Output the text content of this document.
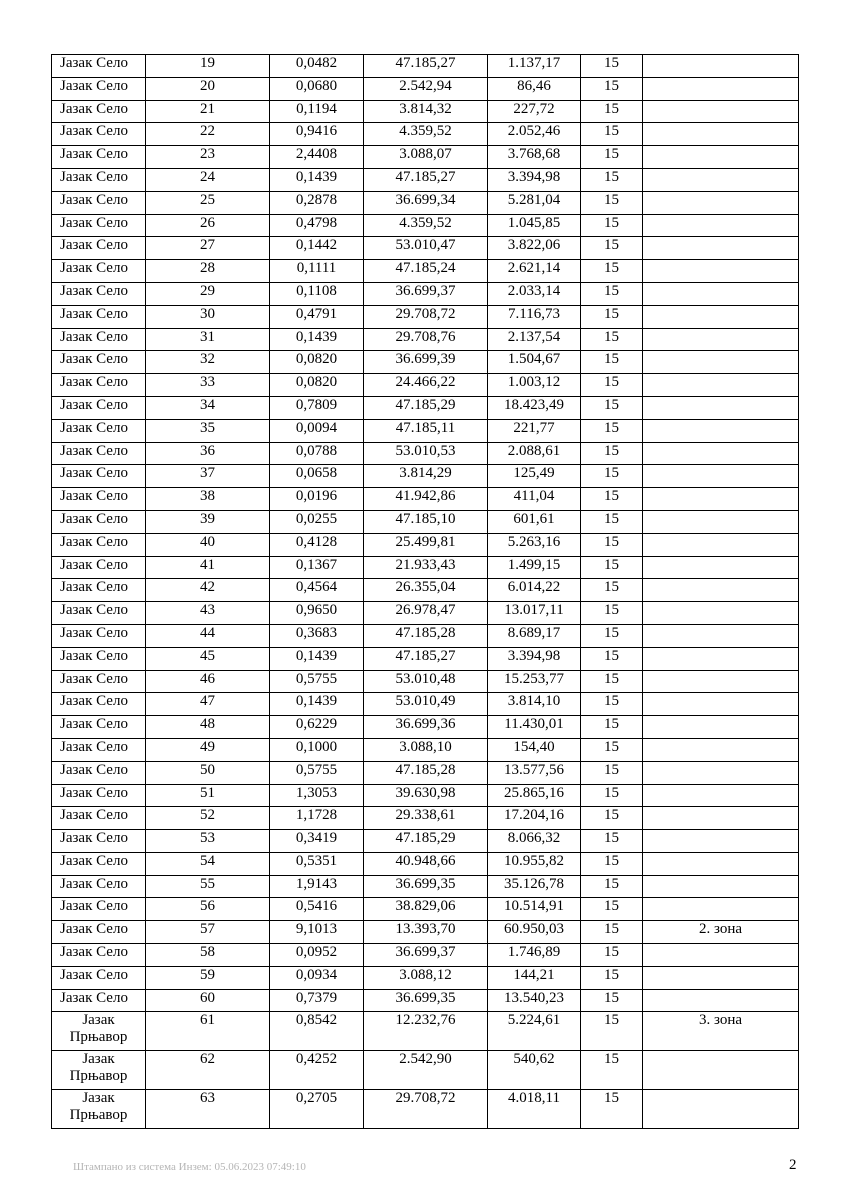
Јазак Село	19	0,0482	47.185,27	1.137,17	15	
Јазак Село	20	0,0680	2.542,94	86,46	15	
Јазак Село	21	0,1194	3.814,32	227,72	15	
Јазак Село	22	0,9416	4.359,52	2.052,46	15	
Јазак Село	23	2,4408	3.088,07	3.768,68	15	
Јазак Село	24	0,1439	47.185,27	3.394,98	15	
Јазак Село	25	0,2878	36.699,34	5.281,04	15	
Јазак Село	26	0,4798	4.359,52	1.045,85	15	
Јазак Село	27	0,1442	53.010,47	3.822,06	15	
Јазак Село	28	0,1111	47.185,24	2.621,14	15	
Јазак Село	29	0,1108	36.699,37	2.033,14	15	
Јазак Село	30	0,4791	29.708,72	7.116,73	15	
Јазак Село	31	0,1439	29.708,76	2.137,54	15	
Јазак Село	32	0,0820	36.699,39	1.504,67	15	
Јазак Село	33	0,0820	24.466,22	1.003,12	15	
Јазак Село	34	0,7809	47.185,29	18.423,49	15	
Јазак Село	35	0,0094	47.185,11	221,77	15	
Јазак Село	36	0,0788	53.010,53	2.088,61	15	
Јазак Село	37	0,0658	3.814,29	125,49	15	
Јазак Село	38	0,0196	41.942,86	411,04	15	
Јазак Село	39	0,0255	47.185,10	601,61	15	
Јазак Село	40	0,4128	25.499,81	5.263,16	15	
Јазак Село	41	0,1367	21.933,43	1.499,15	15	
Јазак Село	42	0,4564	26.355,04	6.014,22	15	
Јазак Село	43	0,9650	26.978,47	13.017,11	15	
Јазак Село	44	0,3683	47.185,28	8.689,17	15	
Јазак Село	45	0,1439	47.185,27	3.394,98	15	
Јазак Село	46	0,5755	53.010,48	15.253,77	15	
Јазак Село	47	0,1439	53.010,49	3.814,10	15	
Јазак Село	48	0,6229	36.699,36	11.430,01	15	
Јазак Село	49	0,1000	3.088,10	154,40	15	
Јазак Село	50	0,5755	47.185,28	13.577,56	15	
Јазак Село	51	1,3053	39.630,98	25.865,16	15	
Јазак Село	52	1,1728	29.338,61	17.204,16	15	
Јазак Село	53	0,3419	47.185,29	8.066,32	15	
Јазак Село	54	0,5351	40.948,66	10.955,82	15	
Јазак Село	55	1,9143	36.699,35	35.126,78	15	
Јазак Село	56	0,5416	38.829,06	10.514,91	15	
Јазак Село	57	9,1013	13.393,70	60.950,03	15	2. зона
Јазак Село	58	0,0952	36.699,37	1.746,89	15	
Јазак Село	59	0,0934	3.088,12	144,21	15	
Јазак Село	60	0,7379	36.699,35	13.540,23	15	
Јазак Прњавор	61	0,8542	12.232,76	5.224,61	15	3. зона
Јазак Прњавор	62	0,4252	2.542,90	540,62	15	
Јазак Прњавор	63	0,2705	29.708,72	4.018,11	15	
Штампано из система Инзем: 05.06.2023 07:49:10	2
